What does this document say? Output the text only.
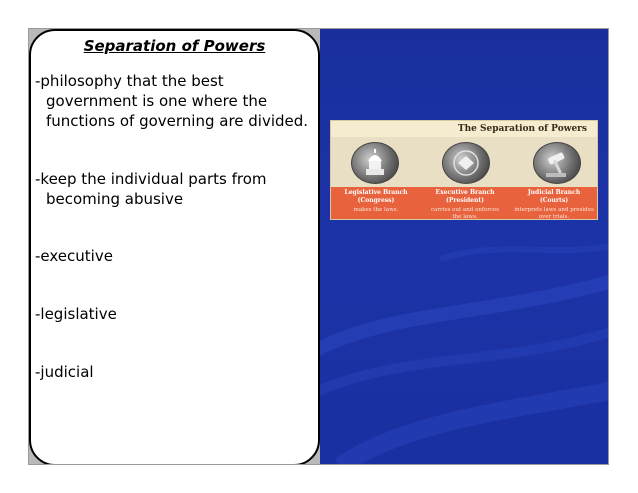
Separation of Powers

-philosophy that the best
government is one where the
functions of governing are divided.

-keep the individual parts from
becoming abusive

-executive

-legislative

-judicial

The Separation of Powers
Legislative Branch
(Congress)
makes the laws.
Executive Branch
(President)
carries out and enforces
the laws.
Judicial Branch
(Courts)
interprets laws and presides
over trials.
